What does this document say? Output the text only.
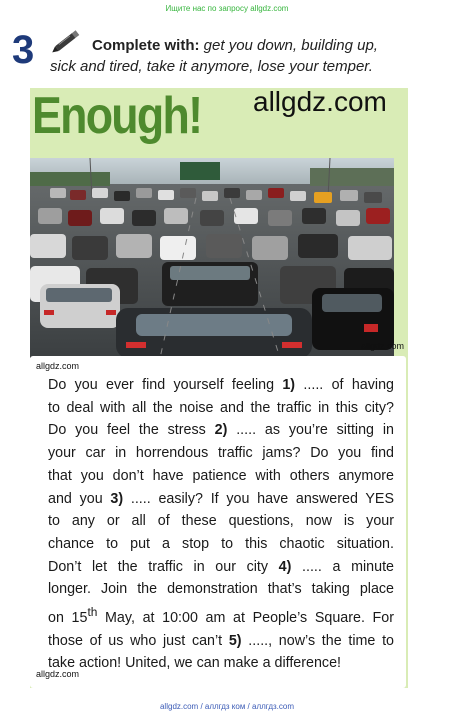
Ищите нас по запросу allgdz.com
3	Complete with: get you down, building up,
sick and tired, take it anymore, lose your temper.
Enough! allgdz.com
allgdz.com
allgdz.com
Do you ever find yourself feeling 1) ..... of having
to deal with all the noise and the traffic in this city?
Do you feel the stress 2) ..... as you’re sitting in
your car in horrendous traffic jams? Do you find
that you don’t have patience with others anymore
and you 3) ..... easily? If you have answered YES
to any or all of these questions, now is your
chance to put a stop to this chaotic situation.
Don’t let the traffic in our city 4) ..... a minute
longer. Join the demonstration that’s taking place
on 15th May, at 10:00 am at People’s Square. For
those of us who just can’t 5) ....., now’s the time to
take action! United, we can make a difference!
allgdz.com
allgdz.com / аллгдз ком / аллгдз.com
